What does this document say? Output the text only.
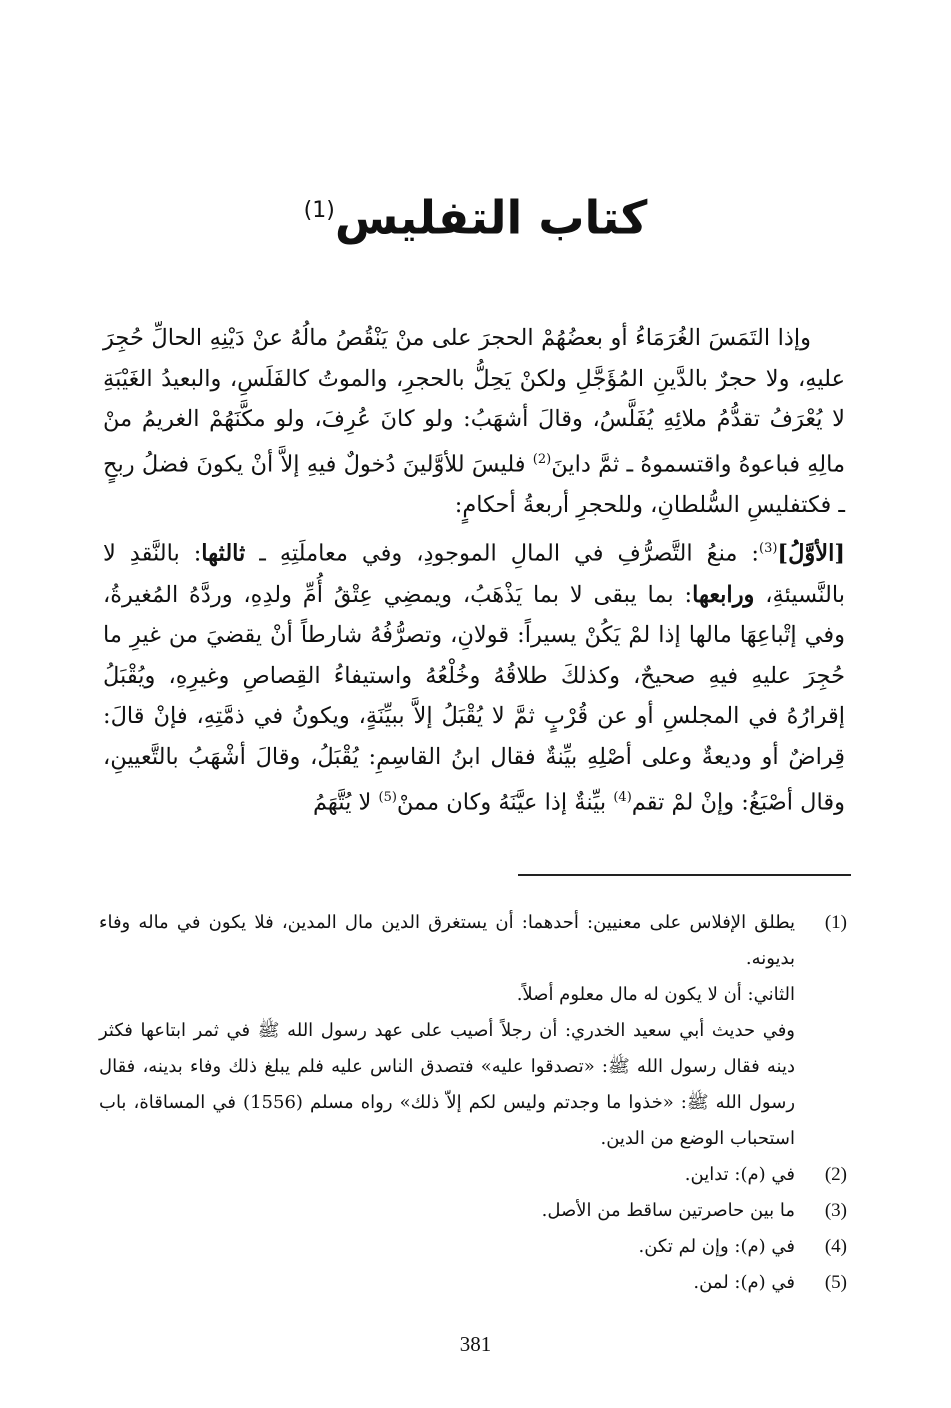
كتاب التفليس$^{(1)}$

وإذا التَمَسَ الغُرَمَاءُ أو بعضُهُمْ الحجرَ على منْ يَنْقُصُ مالُهُ عنْ دَيْنِهِ الحالِّ حُجِرَ عليهِ، ولا حجرٌ بالدَّينِ المُؤَجَّلِ ولكنْ يَحِلُّ بالحجرِ، والموتُ كالفَلَسِ، والبعيدُ الغَيْبَةِ لا يُعْرَفُ تقدُّمُ ملائِهِ يُفَلَّسُ، وقالَ أشهَبُ: ولو كانَ عُرِفَ، ولو مكَّنَهُمْ الغريمُ منْ مالِهِ فباعوهُ واقتسموهُ ـ ثمَّ داينَ$^{(2)}$ فليسَ للأوَّلينَ دُخولٌ فيهِ إلاَّ أنْ يكونَ فضلُ ربحٍ ـ فكتفليسِ السُّلطانِ، وللحجرِ أربعةُ أحكامٍ:

[الأوَّلُ]$^{(3)}$: منعُ التَّصرُّفِ في المالِ الموجودِ، وفي معاملَتِهِ ـ ثالثها: بالنَّقدِ لا بالنَّسيئةِ، ورابعها: بما يبقى لا بما يَذْهَبُ، ويمضِي عِتْقُ أُمِّ ولدِهِ، وردَّهُ المُغيرةُ، وفي إتْباعِهَا مالها إذا لمْ يَكُنْ يسيراً: قولانِ، وتصرُّفُهُ شارطاً أنْ يقضيَ من غيرِ ما حُجِرَ عليهِ فيهِ صحيحٌ، وكذلكَ طلاقُهُ وخُلْعُهُ واستيفاءُ القِصاصِ وغيرِهِ، ويُقْبَلُ إقرارُهُ في المجلسِ أو عن قُرْبٍ ثمَّ لا يُقْبَلُ إلاَّ ببيِّنَةٍ، ويكونُ في ذمَّتِهِ، فإنْ قالَ: قِراضٌ أو وديعةٌ وعلى أصْلِهِ بيِّنةٌ فقال ابنُ القاسِمِ: يُقْبَلُ، وقالَ أشْهَبُ بالتَّعيينِ، وقال أصْبَغُ: وإنْ لمْ تقم$^{(4)}$ بيِّنةٌ إذا عيَّنَهُ وكان ممنْ$^{(5)}$ لا يُتَّهَمُ

(1)
يطلق الإفلاس على معنيين: أحدهما: أن يستغرق الدين مال المدين، فلا يكون في ماله وفاء بديونه.
الثاني: أن لا يكون له مال معلوم أصلاً.
وفي حديث أبي سعيد الخدري: أن رجلاً أصيب على عهد رسول الله ﷺ في ثمر ابتاعها فكثر دينه فقال رسول الله ﷺ: «تصدقوا عليه» فتصدق الناس عليه فلم يبلغ ذلك وفاء بدينه، فقال رسول الله ﷺ: «خذوا ما وجدتم وليس لكم إلاّ ذلك» رواه مسلم (1556) في المساقاة، باب استحباب الوضع من الدين.
(2)
في (م): تداين.
(3)
ما بين حاصرتين ساقط من الأصل.
(4)
في (م): وإن لم تكن.
(5)
في (م): لمن.
381
